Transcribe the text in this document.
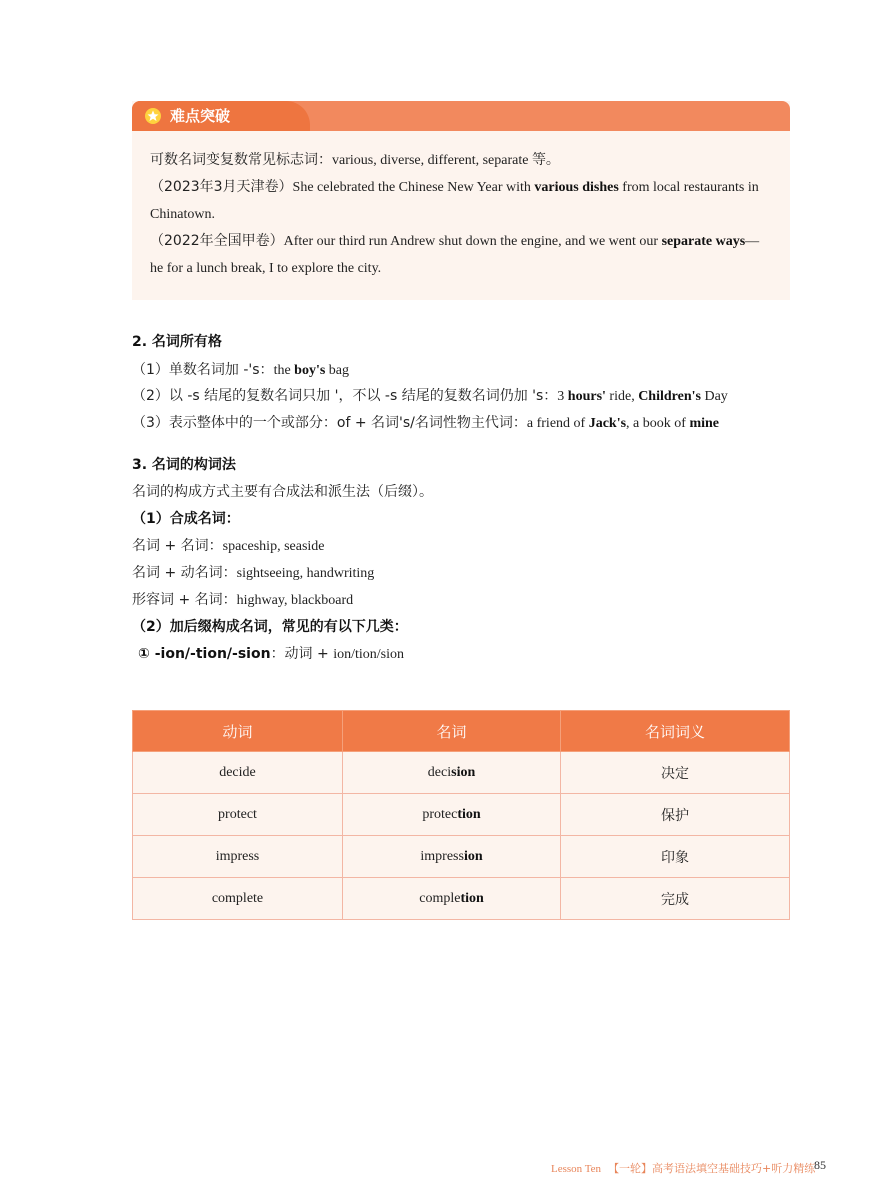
难点突破

可数名词变复数常见标志词：various, diverse, different, separate 等。

（2023年3月天津卷）She celebrated the Chinese New Year with various dishes from local restaurants in

Chinatown.

（2022年全国甲卷）After our third run Andrew shut down the engine, and we went our separate ways—

he for a lunch break, I to explore the city.

2. 名词所有格
（1）单数名词加 -'s：the boy's bag
（2）以 -s 结尾的复数名词只加 '，不以 -s 结尾的复数名词仍加 's：3 hours' ride, Children's Day
（3）表示整体中的一个或部分：of + 名词's/名词性物主代词：a friend of Jack's, a book of mine
3. 名词的构词法
名词的构成方式主要有合成法和派生法（后缀）。
（1）合成名词：
名词 + 名词：spaceship, seaside
名词 + 动名词：sightseeing, handwriting
形容词 + 名词：highway, blackboard
（2）加后缀构成名词，常见的有以下几类：
① -ion/-tion/-sion：动词 + ion/tion/sion
动词	名词	名词词义
decide	decision	决定
protect	protection	保护
impress	impression	印象
complete	completion	完成
Lesson Ten 【一轮】高考语法填空基础技巧+听力精练
85
